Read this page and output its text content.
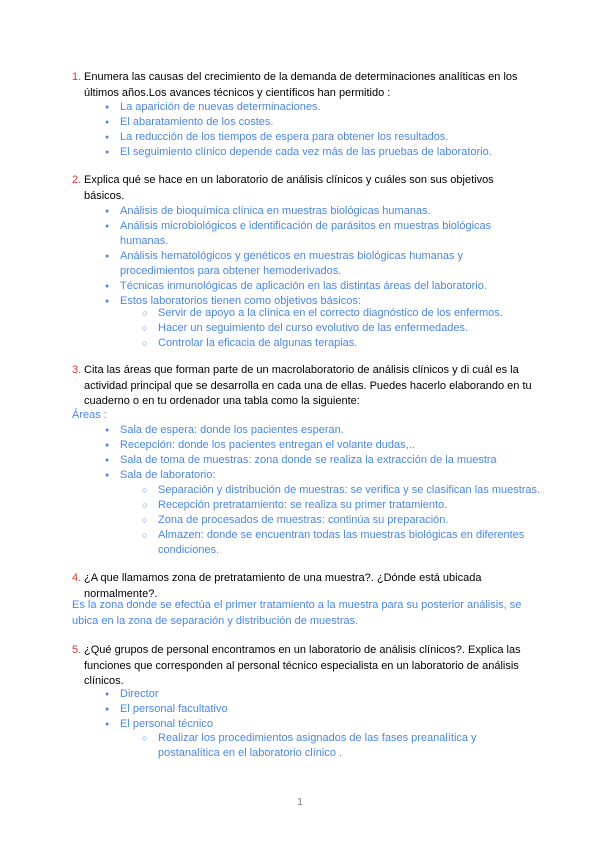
1. Enumera las causas del crecimiento de la demanda de determinaciones analíticas en los últimos años.Los avances técnicos y científicos han permitido :
● La aparición de nuevas determinaciones.
● El abaratamiento de los costes.
● La reducción de los tiempos de espera para obtener los resultados.
● El seguimiento clínico depende cada vez más de las pruebas de laboratorio.
2. Explica qué se hace en un laboratorio de análisis clínicos y cuáles son sus objetivos básicos.
● Análisis de bioquímica clínica en muestras biológicas humanas.
● Análisis microbiológicos e identificación de parásitos en muestras biológicas humanas.
● Análisis hematológicos y genéticos en muestras biológicas humanas y procedimientos para obtener hemoderivados.
● Técnicas inmunológicas de aplicación en las distintas áreas del laboratorio.
● Estos laboratorios tienen como objetivos básicos:
○ Servir de apoyo a la clínica en el correcto diagnóstico de los enfermos.
○ Hacer un seguimiento del curso evolutivo de las enfermedades.
○ Controlar la eficacia de algunas terapias.
3. Cita las áreas que forman parte de un macrolaboratorio de análisis clínicos y di cuál es la actividad principal que se desarrolla en cada una de ellas. Puedes hacerlo elaborando en tu cuaderno o en tu ordenador una tabla como la siguiente:
Áreas :
● Sala de espera: donde los pacientes esperan.
● Recepción: donde los pacientes entregan el volante dudas,..
● Sala de toma de muestras: zona donde se realiza la extracción de la muestra
● Sala de laboratorio:
○ Separación y distribución de muestras: se verifica y se clasifican las muestras.
○ Recepción pretratamiento: se realiza su primer tratamiento.
○ Zona de procesados de muestras: continúa su preparación.
○ Almazen: donde se encuentran todas las muestras biológicas en diferentes condiciones.
4. ¿A que llamamos zona de pretratamiento de una muestra?. ¿Dónde está ubicada normalmente?.
Es la zona donde se efectúa el primer tratamiento a la muestra para su posterior análisis, se ubica en la zona de separación y distribución de muestras.
5. ¿Qué grupos de personal encontramos en un laboratorio de análisis clínicos?. Explica las funciones que corresponden al personal técnico especialista en un laboratorio de análisis clínicos.
● Director
● El personal facultativo
● El personal técnico
○ Realizar los procedimientos asignados de las fases preanalítica y postanalítica en el laboratorio clínico .
1
